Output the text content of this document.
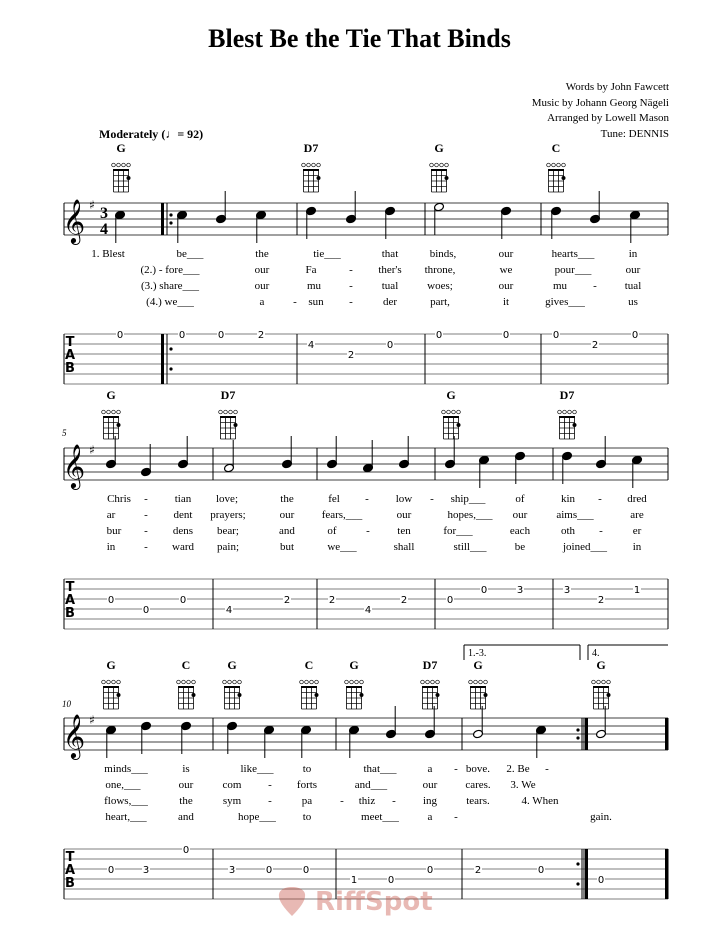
Blest Be the Tie That Binds
Words by John Fawcett
Music by Johann Georg Nägeli
Arranged by Lowell Mason
Tune: DENNIS
Moderately (♩= 92)
𝄞 ♯ 3
4
T
A
B
0	0	0	2
4
2
0
0	0	0
2
0
G	D7	G	C
1. Blest	be___	the	tie___	that	binds,	our	hearts___	in
(2.) - fore___	our	Fa	- ther's throne,	we	pour___	our
(3.) share___	our	mu	-	tual	woes;	our	mu -	tual
(4.) we___	a	- sun -	der	part,	it	gives___	us
𝄞 ♯
T
A
B
5
0
0
0
4
2	2
4
2	0
0	3	3
2
1
G	D7	G	D7
Chris - tian love;	the	fel - low - ship___	of	kin - dred
ar	- dent prayers;	our fears,___	our	hopes,___ our	aims___	are
bur - dens bear;	and	of	- ten	for___	each	oth -	er
in	- ward pain;	but	we___	shall	still___	be	joined___ in
𝄞 ♯
T
A
B
1.-3.	4.
10
0	3
0
3	0	0
1	0
0	2	0
0
G	C	G	C	G	D7	G	G
minds___	is	like___	to	that___	a - bove. 2. Be -
one,___	our	com - forts	and___	our	cares. 3. We
flows,___	the	sym -	pa	- thiz - ing	tears.	4. When
heart,___	and	hope___ to	meet___	a -	gain.
RiffSpot
